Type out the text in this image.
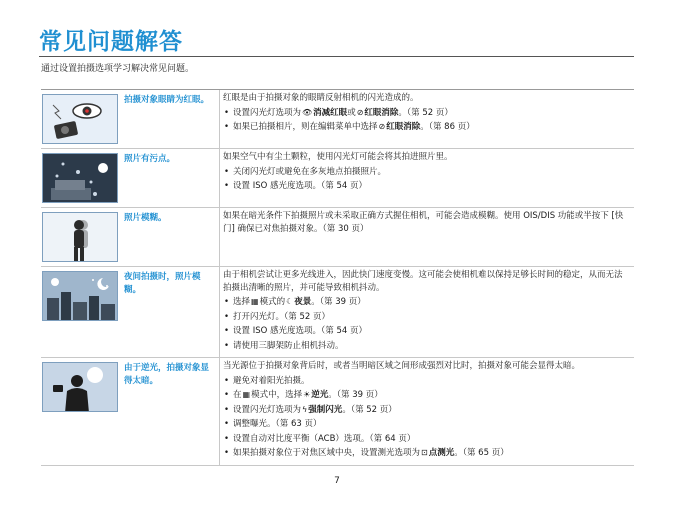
常见问题解答

通过设置拍摄选项学习解决常见问题。

拍摄对象眼睛为红眼。 红眼是由于拍摄对象的眼睛反射相机的闪光造成的。
• 设置闪光灯选项为👁消减红眼或⊘红眼消除。（第 52 页）
• 如果已拍摄相片，则在编辑菜单中选择⊘红眼消除。（第 86 页）
照片有污点。	如果空气中有尘土颗粒，使用闪光灯可能会将其拍进照片里。
• 关闭闪光灯或避免在多灰地点拍摄照片。
• 设置 ISO 感光度选项。（第 54 页）
照片模糊。	如果在暗光条件下拍摄照片或未采取正确方式握住相机，可能会造成模糊。使用 OIS/DIS 功能或半按下 [快门] 确保已对焦拍摄对象。（第 30 页）
夜间拍摄时，照片模糊。
由于相机尝试让更多光线进入，因此快门速度变慢。这可能会使相机难以保持足够长时间的稳定，从而无法拍摄出清晰的照片，并可能导致相机抖动。
• 选择▦模式的☾夜景。（第 39 页）
• 打开闪光灯。（第 52 页）
• 设置 ISO 感光度选项。（第 54 页）
• 请使用三脚架防止相机抖动。
由于逆光，拍摄对象显得太暗。
当光源位于拍摄对象背后时，或者当明暗区域之间形成强烈对比时，拍摄对象可能会显得太暗。
• 避免对着阳光拍摄。
• 在▦模式中，选择☀逆光。（第 39 页）
• 设置闪光灯选项为ϟ强制闪光。（第 52 页）
• 调整曝光。（第 63 页）
• 设置自动对比度平衡（ACB）选项。（第 64 页）
• 如果拍摄对象位于对焦区域中央，设置测光选项为⊡点测光。（第 65 页）
7
